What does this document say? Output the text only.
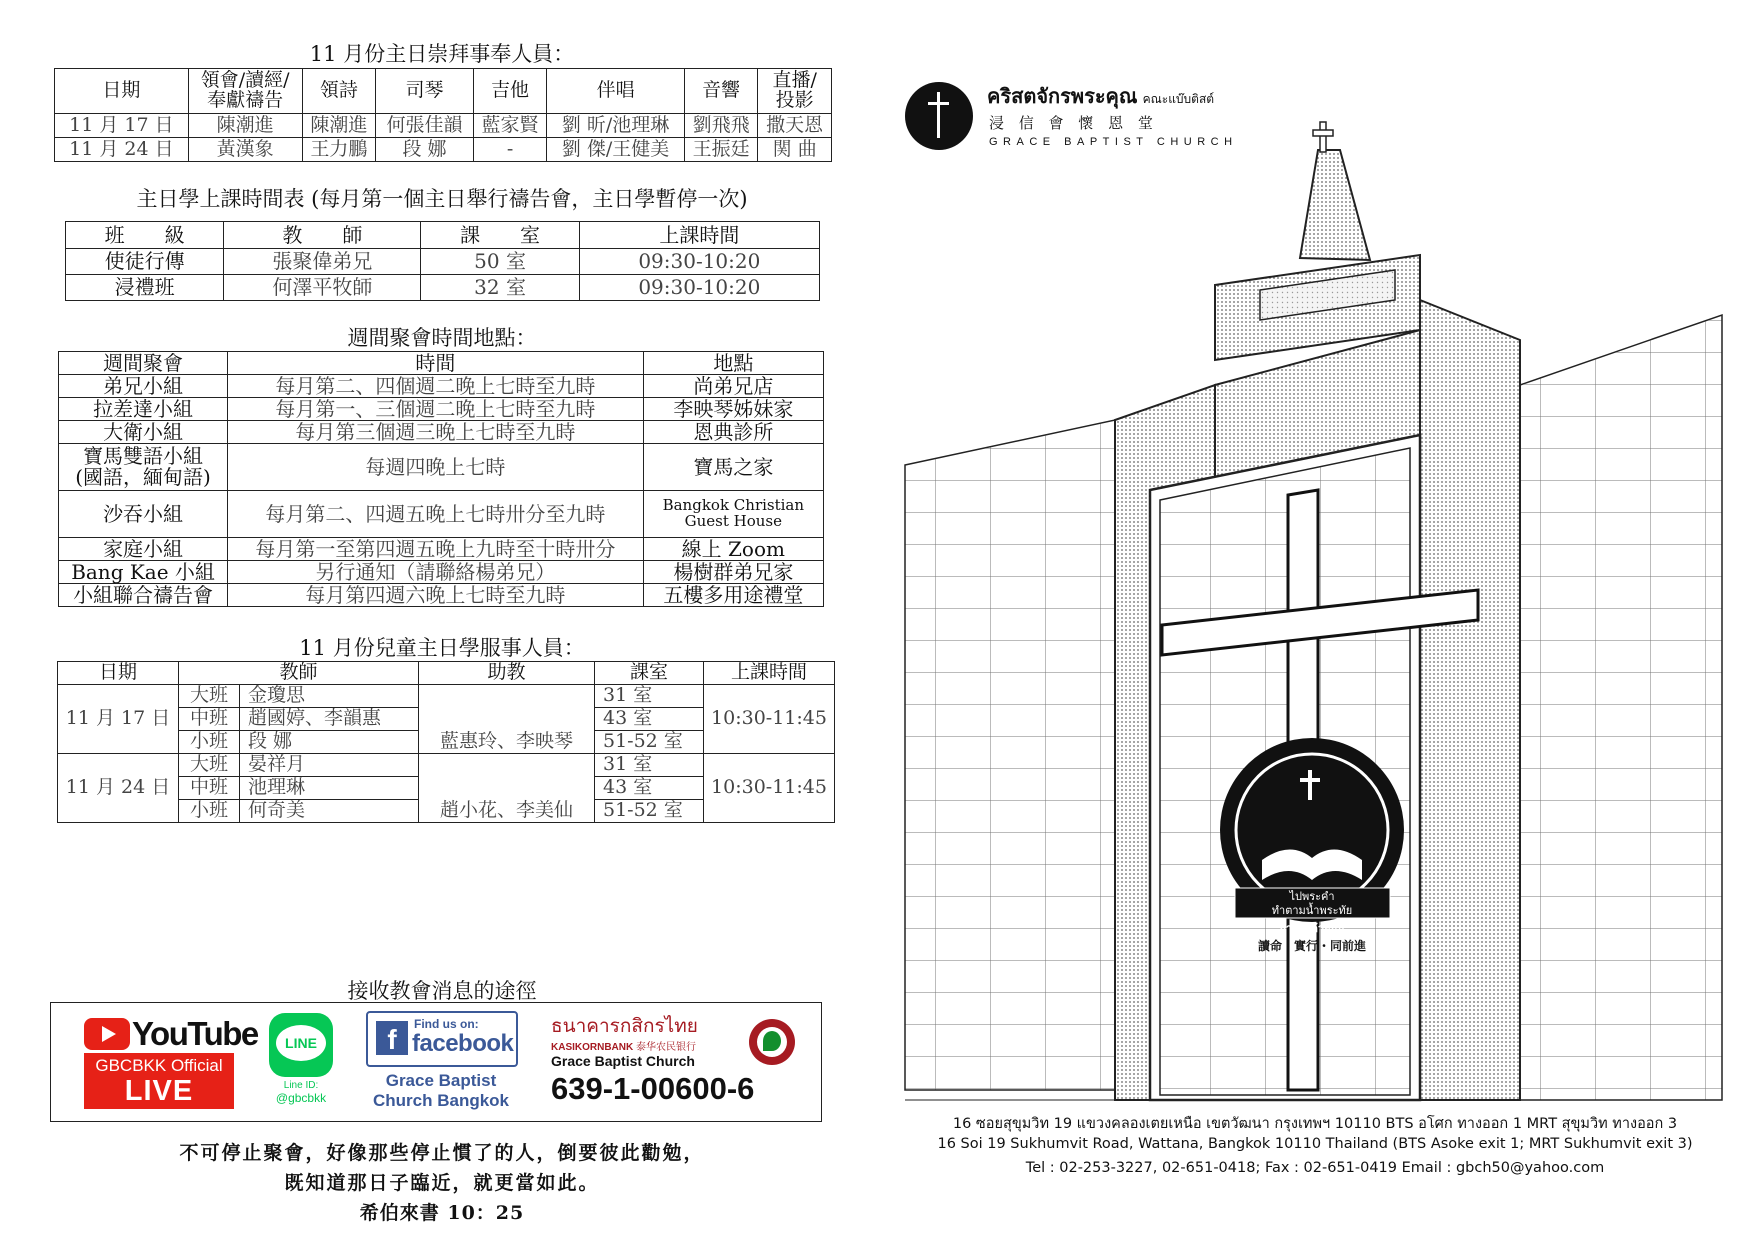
11 月份主日崇拜事奉人員：
日期	領會/讀經/
奉獻禱告	領詩	司琴	吉他	伴唱	音響	直播/
投影
11 月 17 日	陳潮進	陳潮進	何張佳韻	藍家賢	劉 昕/池理琳	劉飛飛	撒天恩
11 月 24 日	黃漢象	王力鵬	段 娜	-	劉 傑/王健美	王振廷	関 曲
主日學上課時間表 (每月第一個主日舉行禱告會，主日學暫停一次)
班　　級	教　　師	課　　室	上課時間
使徒行傳	張聚偉弟兄	50 室	09:30-10:20
浸禮班	何澤平牧師	32 室	09:30-10:20
週間聚會時間地點：
週間聚會	時間	地點
弟兄小組	每月第二、四個週二晚上七時至九時	尚弟兄店
拉差達小組	每月第一、三個週二晚上七時至九時	李映琴姊妹家
大衛小組	每月第三個週三晚上七時至九時	恩典診所
寶馬雙語小組
(國語，緬甸語)	每週四晚上七時	寶馬之家
沙吞小組	每月第二、四週五晚上七時卅分至九時	Bangkok Christian
Guest House
家庭小組	每月第一至第四週五晚上九時至十時卅分	線上 Zoom
Bang Kae 小組	另行通知（請聯絡楊弟兄）	楊樹群弟兄家
小組聯合禱告會	每月第四週六晚上七時至九時	五樓多用途禮堂
11 月份兒童主日學服事人員：
日期	教師		助教	課室	上課時間
11 月 17 日	大班	金瓊思		31 室	10:30-11:45
	中班	趙國婷、李韻惠		43 室	
	小班	段 娜	藍惠玲、李映琴	51-52 室	
11 月 24 日	大班	晏祥月		31 室	10:30-11:45
	中班	池理琳		43 室	
	小班	何奇美	趙小花、李美仙	51-52 室	
接收教會消息的途徑
YouTube
GBCBKK Official
LIVE
LINE
Line ID:
@gbcbkk
f	Find us on:
facebook
Grace Baptist
Church Bangkok
ธนาคารกสิกรไทย
KASIKORNBANK 泰华农民银行
Grace Baptist Church
639-1-00600-6
不可停止聚會，好像那些停止慣了的人，倒要彼此勸勉，
既知道那日子臨近，就更當如此。
希伯來書 10：25
คริสตจักรพระคุณ คณะแบ๊บติสต์
浸 信 會 懷 恩 堂
GRACE BAPTIST CHURCH
ไปพระคำ
ทำตามน้ำพระทัย
ก้าวไปด้วยกัน
讀命・實行・同前進
16 ซอยสุขุมวิท 19 แขวงคลองเตยเหนือ เขตวัฒนา กรุงเทพฯ 10110 BTS อโศก ทางออก 1 MRT สุขุมวิท ทางออก 3
16 Soi 19 Sukhumvit Road, Wattana, Bangkok 10110 Thailand (BTS Asoke exit 1; MRT Sukhumvit exit 3)
Tel : 02-253-3227, 02-651-0418; Fax : 02-651-0419 Email : gbch50@yahoo.com
